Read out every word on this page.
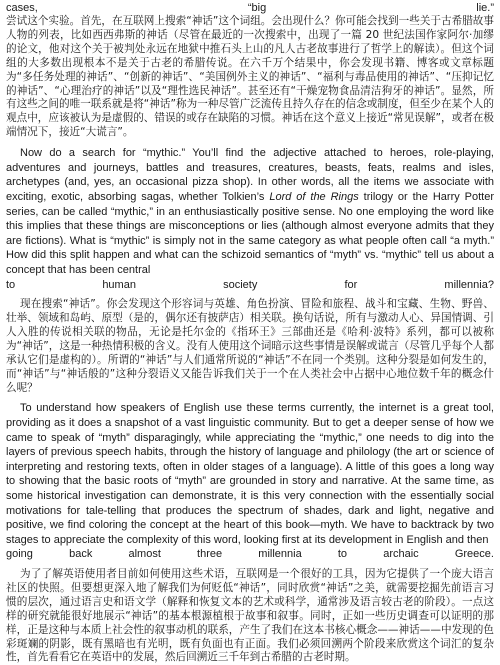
cases,	“big	lie.”

尝试这个实验。首先，在互联网上搜索“神话”这个词组。会出现什么？你可能会找到一些关于古希腊故事人物的列表，比如西西弗斯的神话（尽管在最近的一次搜索中，出现了一篇 20 世纪法国作家阿尔·加缪的论文，他对这个关于被判处永远在地狱中推石头上山的凡人古老故事进行了哲学上的解读）。但这个词组的大多数出现根本不是关于古老的希腊传说。在六千万个结果中，你会发现书籍、博客或文章标题为“多任务处理的神话”、“创新的神话”、“美国例外主义的神话”、“福利与毒品使用的神话”、“压抑记忆的神话”、“心理治疗的神话”以及“理性选民神话”。甚至还有“干燥宠物食品清洁狗牙的神话”。显然，所有这些之间的唯一联系就是将“神话”称为一种尽管广泛流传且持久存在的信念或制度，但至少在某个人的观点中，应该被认为是虚假的、错误的或存在缺陷的习惯。神话在这个意义上接近“常见误解”，或者在极端情况下，接近“大谎言”。

Now do a search for “mythic.” You’ll find the adjective attached to heroes, role-playing, adventures and journeys, battles and treasures, creatures, beasts, feats, realms and isles, archetypes (and, yes, an occasional pizza shop). In other words, all the items we associate with exciting, exotic, absorbing sagas, whether Tolkien’s Lord of the Rings trilogy or the Harry Potter series, can be called “mythic,” in an enthusiastically positive sense. No one employing the word like this implies that these things are misconceptions or lies (although almost everyone admits that they are fictions). What is “mythic” is simply not in the same category as what people often call “a myth.” How did this split happen and what can the schizoid semantics of “myth” vs. “mythic” tell us about a concept that has been central

to	human	society	for	millennia?

现在搜索“神话”。你会发现这个形容词与英雄、角色扮演、冒险和旅程、战斗和宝藏、生物、野兽、壮举、领域和岛屿、原型（是的，偶尔还有披萨店）相关联。换句话说，所有与激动人心、异国情调、引人入胜的传说相关联的物品，无论是托尔金的《指环王》三部曲还是《哈利·波特》系列，都可以被称为“神话”，这是一种热情积极的含义。没有人使用这个词暗示这些事情是误解或谎言（尽管几乎每个人都承认它们是虚构的）。所谓的“神话”与人们通常所说的“神话”不在同一个类别。这种分裂是如何发生的，而“神话”与“神话般的”这种分裂语义又能告诉我们关于一个在人类社会中占据中心地位数千年的概念什么呢？

To understand how speakers of English use these terms currently, the internet is a great tool, providing as it does a snapshot of a vast linguistic community. But to get a deeper sense of how we came to speak of “myth” disparagingly, while appreciating the “mythic,” one needs to dig into the layers of previous speech habits, through the history of language and philology (the art or science of interpreting and restoring texts, often in older stages of a language). A little of this goes a long way to showing that the basic roots of “myth” are grounded in story and narrative. At the same time, as some historical investigation can demonstrate, it is this very connection with the essentially social motivations for tale-telling that produces the spectrum of shades, dark and light, negative and positive, we find coloring the concept at the heart of this book—myth. We have to backtrack by two stages to appreciate the complexity of this word, looking first at its development in English and then

going	back	almost	three	millennia	to	archaic	Greece.

为了了解英语使用者目前如何使用这些术语，互联网是一个很好的工具，因为它提供了一个庞大语言社区的快照。但要想更深入地了解我们为何贬低“神话”，同时欣赏“神话”之美，就需要挖掘先前语言习惯的层次，通过语言史和语文学（解释和恢复文本的艺术或科学，通常涉及语言较古老的阶段）。一点这样的研究就能很好地展示“神话”的基本根源植根于故事和叙事。同时，正如一些历史调查可以证明的那样，正是这种与本质上社会性的叙事动机的联系，产生了我们在这本书核心概念——神话——中发现的色彩斑斓的阴影，既有黑暗也有光明，既有负面也有正面。我们必须回溯两个阶段来欣赏这个词汇的复杂性，首先看看它在英语中的发展，然后回溯近三千年到古希腊的古老时期。
